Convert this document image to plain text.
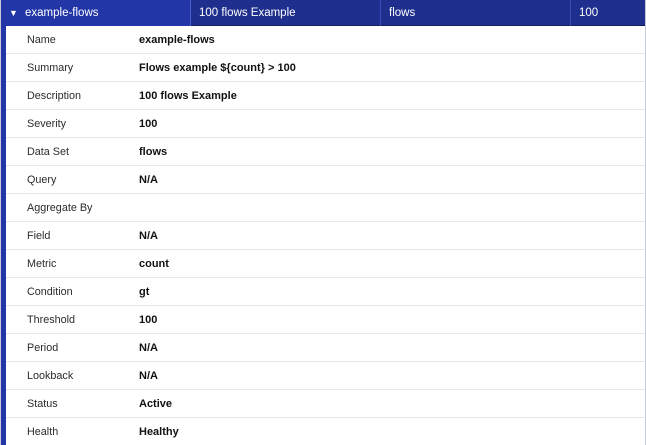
▼ example-flows	100 flows Example	flows	100
Name	example-flows
Summary	Flows example ${count} > 100
Description	100 flows Example
Severity	100
Data Set	flows
Query	N/A
Aggregate By
Field	N/A
Metric	count
Condition	gt
Threshold	100
Period	N/A
Lookback	N/A
Status	Active
Health	Healthy
